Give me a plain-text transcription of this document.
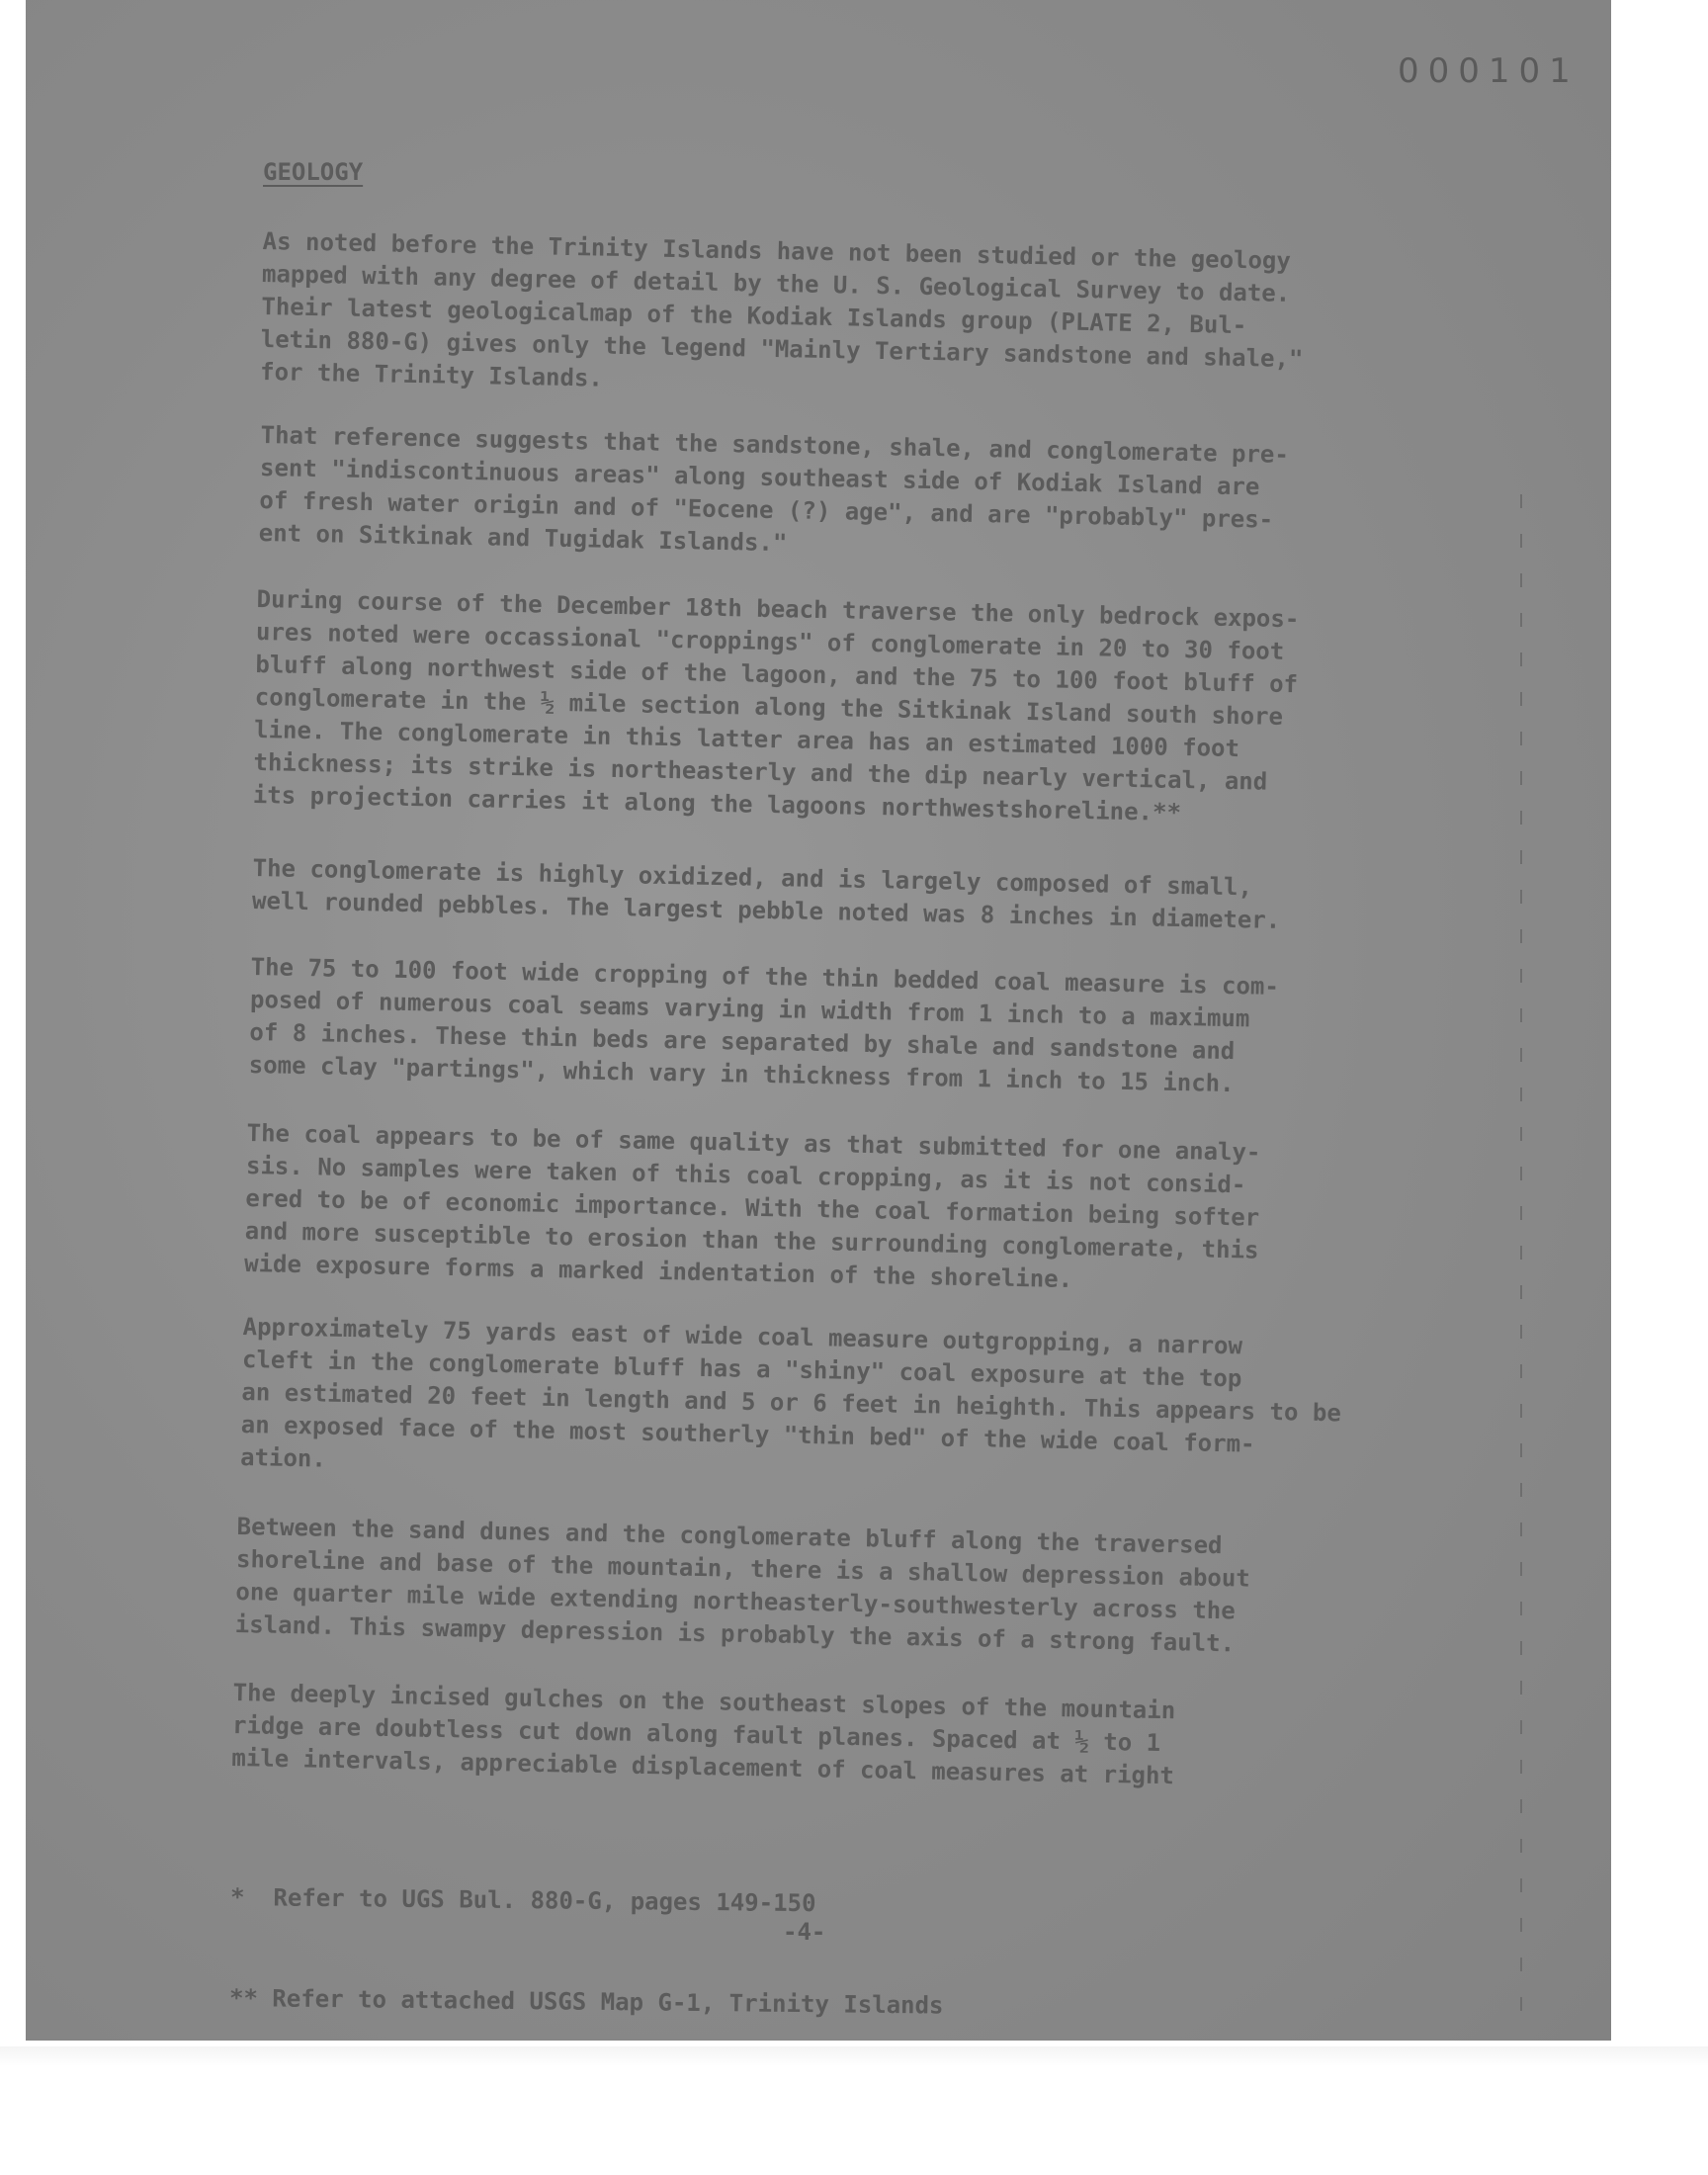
000101
GEOLOGY
As noted before the Trinity Islands have not been studied or the geology
mapped with any degree of detail by the U. S. Geological Survey to date.
Their latest geologicalmap of the Kodiak Islands group (PLATE 2, Bul-
letin 880-G) gives only the legend "Mainly Tertiary sandstone and shale,"
for the Trinity Islands.
That reference suggests that the sandstone, shale, and conglomerate pre-
sent "indiscontinuous areas" along southeast side of Kodiak Island are
of fresh water origin and of "Eocene (?) age", and are "probably" pres-
ent on Sitkinak and Tugidak Islands."
During course of the December 18th beach traverse the only bedrock expos-
ures noted were occassional "croppings" of conglomerate in 20 to 30 foot
bluff along northwest side of the lagoon, and the 75 to 100 foot bluff of
conglomerate in the ½ mile section along the Sitkinak Island south shore
line. The conglomerate in this latter area has an estimated 1000 foot
thickness; its strike is northeasterly and the dip nearly vertical, and
its projection carries it along the lagoons northwestshoreline.**
The conglomerate is highly oxidized, and is largely composed of small,
well rounded pebbles. The largest pebble noted was 8 inches in diameter.
The 75 to 100 foot wide cropping of the thin bedded coal measure is com-
posed of numerous coal seams varying in width from 1 inch to a maximum
of 8 inches. These thin beds are separated by shale and sandstone and
some clay "partings", which vary in thickness from 1 inch to 15 inch.
The coal appears to be of same quality as that submitted for one analy-
sis. No samples were taken of this coal cropping, as it is not consid-
ered to be of economic importance. With the coal formation being softer
and more susceptible to erosion than the surrounding conglomerate, this
wide exposure forms a marked indentation of the shoreline.
Approximately 75 yards east of wide coal measure outgropping, a narrow
cleft in the conglomerate bluff has a "shiny" coal exposure at the top
an estimated 20 feet in length and 5 or 6 feet in heighth. This appears to be
an exposed face of the most southerly "thin bed" of the wide coal form-
ation.
Between the sand dunes and the conglomerate bluff along the traversed
shoreline and base of the mountain, there is a shallow depression about
one quarter mile wide extending northeasterly-southwesterly across the
island. This swampy depression is probably the axis of a strong fault.
The deeply incised gulches on the southeast slopes of the mountain
ridge are doubtless cut down along fault planes. Spaced at ½ to 1
mile intervals, appreciable displacement of coal measures at right

*  Refer to UGS Bul. 880-G, pages 149-150

** Refer to attached USGS Map G-1, Trinity Islands

-4-
